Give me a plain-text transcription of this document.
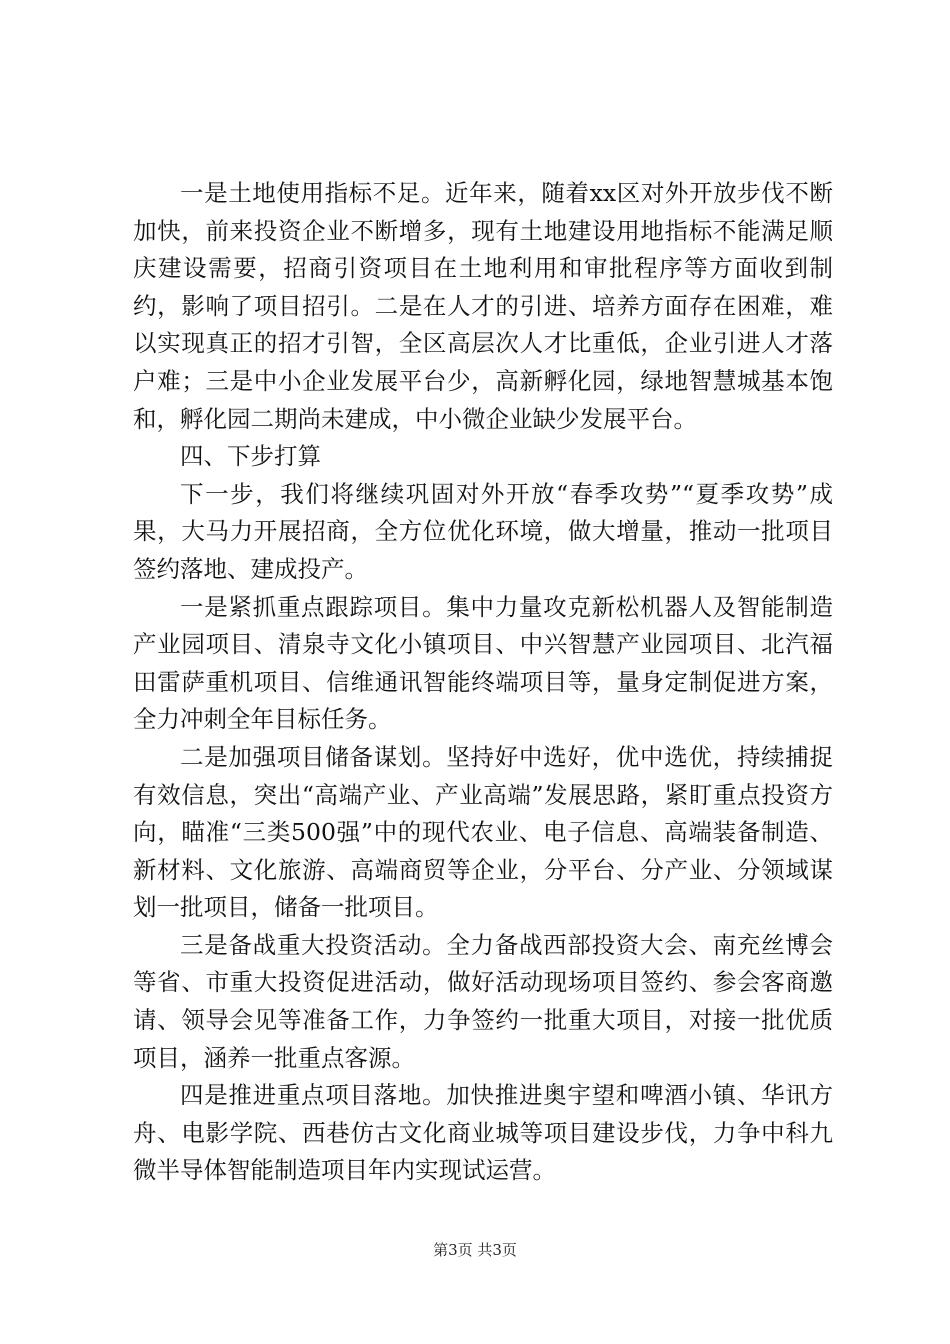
一是土地使用指标不足。近年来，随着xx区对外开放步伐不断加快，前来投资企业不断增多，现有土地建设用地指标不能满足顺庆建设需要，招商引资项目在土地利用和审批程序等方面收到制约，影响了项目招引。二是在人才的引进、培养方面存在困难，难以实现真正的招才引智，全区高层次人才比重低，企业引进人才落户难；三是中小企业发展平台少，高新孵化园，绿地智慧城基本饱和，孵化园二期尚未建成，中小微企业缺少发展平台。

四、下步打算

下一步，我们将继续巩固对外开放“春季攻势”“夏季攻势”成果，大马力开展招商，全方位优化环境，做大增量，推动一批项目签约落地、建成投产。

一是紧抓重点跟踪项目。集中力量攻克新松机器人及智能制造产业园项目、清泉寺文化小镇项目、中兴智慧产业园项目、北汽福田雷萨重机项目、信维通讯智能终端项目等，量身定制促进方案，全力冲刺全年目标任务。

二是加强项目储备谋划。坚持好中选好，优中选优，持续捕捉有效信息，突出“高端产业、产业高端”发展思路，紧盯重点投资方向，瞄准“三类500强”中的现代农业、电子信息、高端装备制造、新材料、文化旅游、高端商贸等企业，分平台、分产业、分领域谋划一批项目，储备一批项目。

三是备战重大投资活动。全力备战西部投资大会、南充丝博会等省、市重大投资促进活动，做好活动现场项目签约、参会客商邀请、领导会见等准备工作，力争签约一批重大项目，对接一批优质项目，涵养一批重点客源。

四是推进重点项目落地。加快推进奥宇望和啤酒小镇、华讯方舟、电影学院、西巷仿古文化商业城等项目建设步伐，力争中科九微半导体智能制造项目年内实现试运营。

第3页 共3页
